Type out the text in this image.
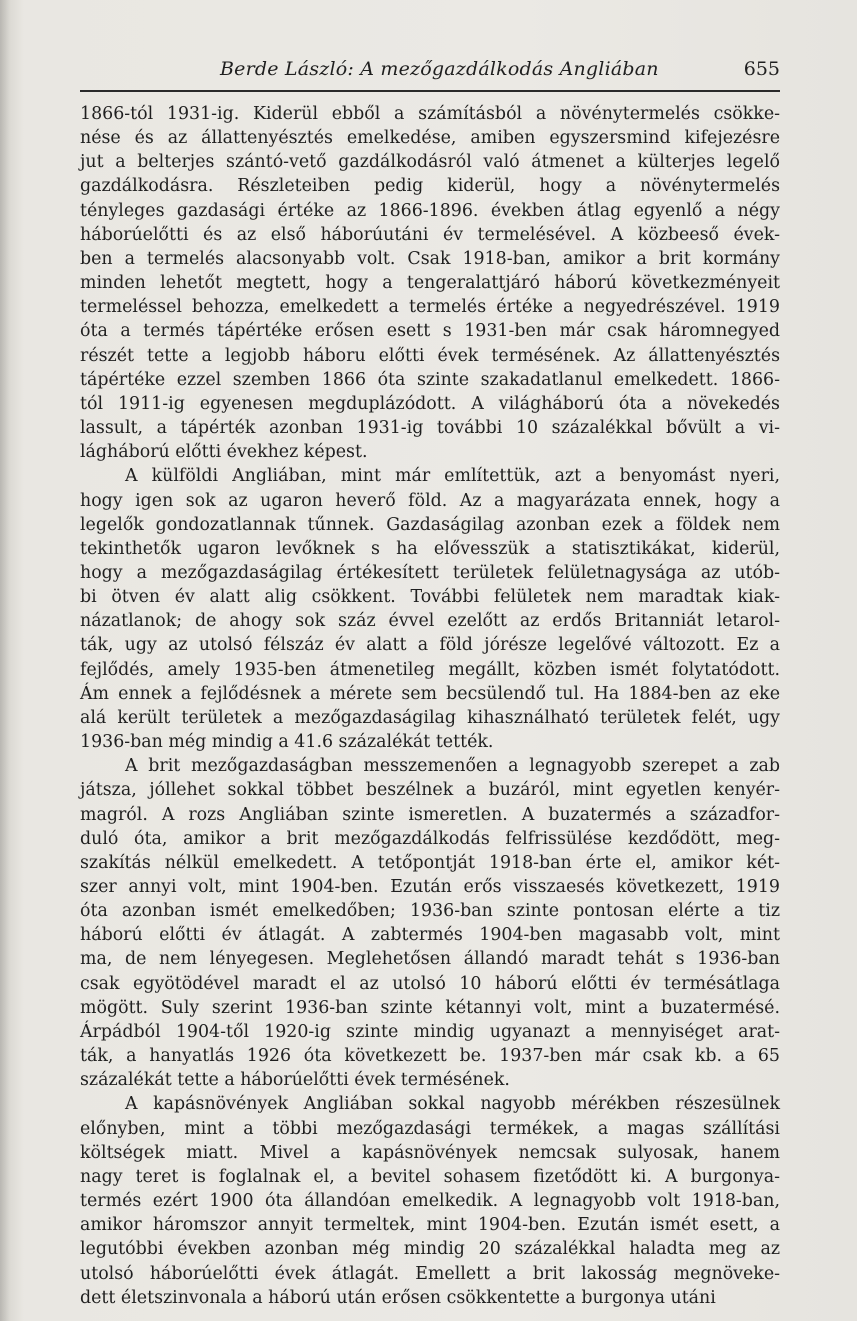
Berde László: A mezőgazdálkodás Angliában	655
1866-tól 1931-ig. Kiderül ebből a számításból a növénytermelés csökke-
nése és az állattenyésztés emelkedése, amiben egyszersmind kifejezésre
jut a belterjes szántó-vető gazdálkodásról való átmenet a külterjes legelő
gazdálkodásra. Részleteiben pedig kiderül, hogy a növénytermelés
tényleges gazdasági értéke az 1866-1896. években átlag egyenlő a négy
háborúelőtti és az első háborúutáni év termelésével. A közbeeső évek-
ben a termelés alacsonyabb volt. Csak 1918-ban, amikor a brit kormány
minden lehetőt megtett, hogy a tengeralattjáró háború következményeit
termeléssel behozza, emelkedett a termelés értéke a negyedrészével. 1919
óta a termés tápértéke erősen esett s 1931-ben már csak háromnegyed
részét tette a legjobb háboru előtti évek termésének. Az állattenyésztés
tápértéke ezzel szemben 1866 óta szinte szakadatlanul emelkedett. 1866-
tól 1911-ig egyenesen megduplázódott. A világháború óta a növekedés
lassult, a tápérték azonban 1931-ig további 10 százalékkal bővült a vi-
lágháború előtti évekhez képest.
A külföldi Angliában, mint már említettük, azt a benyomást nyeri,
hogy igen sok az ugaron heverő föld. Az a magyarázata ennek, hogy a
legelők gondozatlannak tűnnek. Gazdaságilag azonban ezek a földek nem
tekinthetők ugaron levőknek s ha elővesszük a statisztikákat, kiderül,
hogy a mezőgazdaságilag értékesített területek felületnagysága az utób-
bi ötven év alatt alig csökkent. További felületek nem maradtak kiak-
názatlanok; de ahogy sok száz évvel ezelőtt az erdős Britanniát letarol-
ták, ugy az utolsó félszáz év alatt a föld jórésze legelővé változott. Ez a
fejlődés, amely 1935-ben átmenetileg megállt, közben ismét folytatódott.
Ám ennek a fejlődésnek a mérete sem becsülendő tul. Ha 1884-ben az eke
alá került területek a mezőgazdaságilag kihasználható területek felét, ugy
1936-ban még mindig a 41.6 százalékát tették.
A brit mezőgazdaságban messzemenően a legnagyobb szerepet a zab
játsza, jóllehet sokkal többet beszélnek a buzáról, mint egyetlen kenyér-
magról. A rozs Angliában szinte ismeretlen. A buzatermés a századfor-
duló óta, amikor a brit mezőgazdálkodás felfrissülése kezdődött, meg-
szakítás nélkül emelkedett. A tetőpontját 1918-ban érte el, amikor két-
szer annyi volt, mint 1904-ben. Ezután erős visszaesés következett, 1919
óta azonban ismét emelkedőben; 1936-ban szinte pontosan elérte a tiz
háború előtti év átlagát. A zabtermés 1904-ben magasabb volt, mint
ma, de nem lényegesen. Meglehetősen állandó maradt tehát s 1936-ban
csak egyötödével maradt el az utolsó 10 háború előtti év termésátlaga
mögött. Suly szerint 1936-ban szinte kétannyi volt, mint a buzatermésé.
Árpádból 1904-től 1920-ig szinte mindig ugyanazt a mennyiséget arat-
ták, a hanyatlás 1926 óta következett be. 1937-ben már csak kb. a 65
százalékát tette a háborúelőtti évek termésének.
A kapásnövények Angliában sokkal nagyobb mérékben részesülnek
előnyben, mint a többi mezőgazdasági termékek, a magas szállítási
költségek miatt. Mivel a kapásnövények nemcsak sulyosak, hanem
nagy teret is foglalnak el, a bevitel sohasem fizetődött ki. A burgonya-
termés ezért 1900 óta állandóan emelkedik. A legnagyobb volt 1918-ban,
amikor háromszor annyit termeltek, mint 1904-ben. Ezután ismét esett, a
legutóbbi években azonban még mindig 20 százalékkal haladta meg az
utolsó háborúelőtti évek átlagát. Emellett a brit lakosság megnöveke-
dett életszinvonala a háború után erősen csökkentette a burgonya utáni
